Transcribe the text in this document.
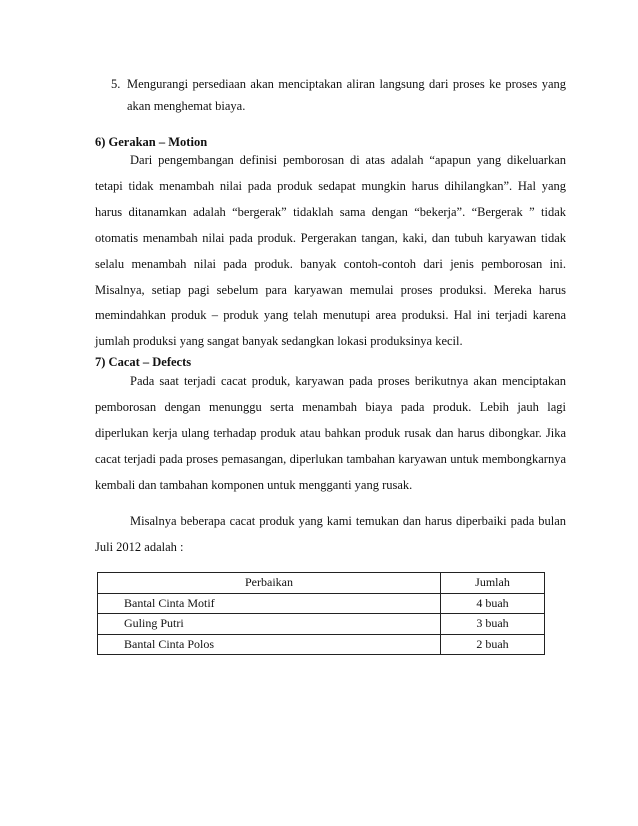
5. Mengurangi persediaan akan menciptakan aliran langsung dari proses ke proses yang akan menghemat biaya.
6) Gerakan – Motion
Dari pengembangan definisi pemborosan di atas adalah “apapun yang dikeluarkan tetapi tidak menambah nilai pada produk sedapat mungkin harus dihilangkan”. Hal yang harus ditanamkan adalah “bergerak” tidaklah sama dengan “bekerja”. “Bergerak ” tidak otomatis menambah nilai pada produk. Pergerakan tangan, kaki, dan tubuh karyawan tidak selalu menambah nilai pada produk. banyak contoh-contoh dari jenis pemborosan ini. Misalnya, setiap pagi sebelum para karyawan memulai proses produksi. Mereka harus memindahkan produk – produk yang telah menutupi area produksi. Hal ini terjadi karena jumlah produksi yang sangat banyak sedangkan lokasi produksinya kecil.
7) Cacat – Defects
Pada saat terjadi cacat produk, karyawan pada proses berikutnya akan menciptakan pemborosan dengan menunggu serta menambah biaya pada produk. Lebih jauh lagi diperlukan kerja ulang terhadap produk atau bahkan produk rusak dan harus dibongkar. Jika cacat terjadi pada proses pemasangan, diperlukan tambahan karyawan untuk membongkarnya kembali dan tambahan komponen untuk mengganti yang rusak.
Misalnya beberapa cacat produk yang kami temukan dan harus diperbaiki pada bulan Juli 2012 adalah :
Perbaikan	Jumlah
Bantal Cinta Motif	4 buah
Guling Putri	3 buah
Bantal Cinta Polos	2 buah
